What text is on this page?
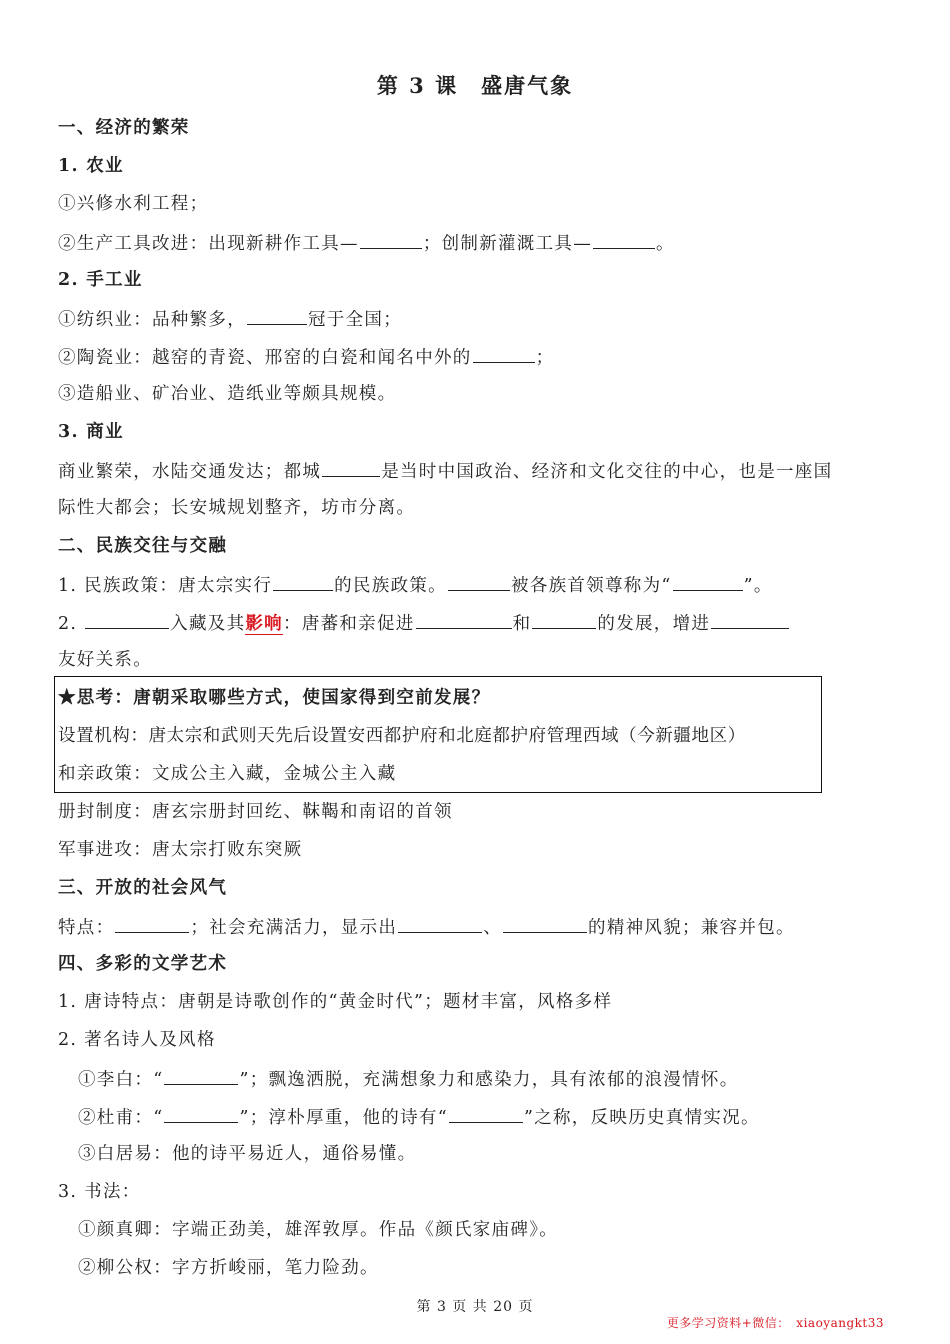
第 3 课　盛唐气象

一、经济的繁荣

1. 农业

①兴修水利工程；

②生产工具改进：出现新耕作工具—	；创制新灌溉工具—	。

2. 手工业

①纺织业：品种繁多，	冠于全国；

②陶瓷业：越窑的青瓷、邢窑的白瓷和闻名中外的	；

③造船业、矿冶业、造纸业等颇具规模。

3. 商业

商业繁荣，水陆交通发达；都城	是当时中国政治、经济和文化交往的中心，也是一座国

际性大都会；长安城规划整齐，坊市分离。

二、民族交往与交融

1. 民族政策：唐太宗实行	的民族政策。	被各族首领尊称为“	”。

2.	入藏及其影响：唐蕃和亲促进	和	的发展，增进

友好关系。

★思考：唐朝采取哪些方式，使国家得到空前发展？

设置机构：唐太宗和武则天先后设置安西都护府和北庭都护府管理西域（今新疆地区）

和亲政策：文成公主入藏，金城公主入藏

册封制度：唐玄宗册封回纥、靺鞨和南诏的首领

军事进攻：唐太宗打败东突厥

三、开放的社会风气

特点：	；社会充满活力，显示出	、	的精神风貌；兼容并包。

四、多彩的文学艺术

1. 唐诗特点：唐朝是诗歌创作的“黄金时代”；题材丰富，风格多样

2. 著名诗人及风格

①李白：“	”；飘逸洒脱，充满想象力和感染力，具有浓郁的浪漫情怀。

②杜甫：“	”；淳朴厚重，他的诗有“	”之称，反映历史真情实况。

③白居易：他的诗平易近人，通俗易懂。

3. 书法：

①颜真卿：字端正劲美，雄浑敦厚。作品《颜氏家庙碑》。

②柳公权：字方折峻丽，笔力险劲。

第 3 页 共 20 页

更多学习资料+微信：　xiaoyangkt33
